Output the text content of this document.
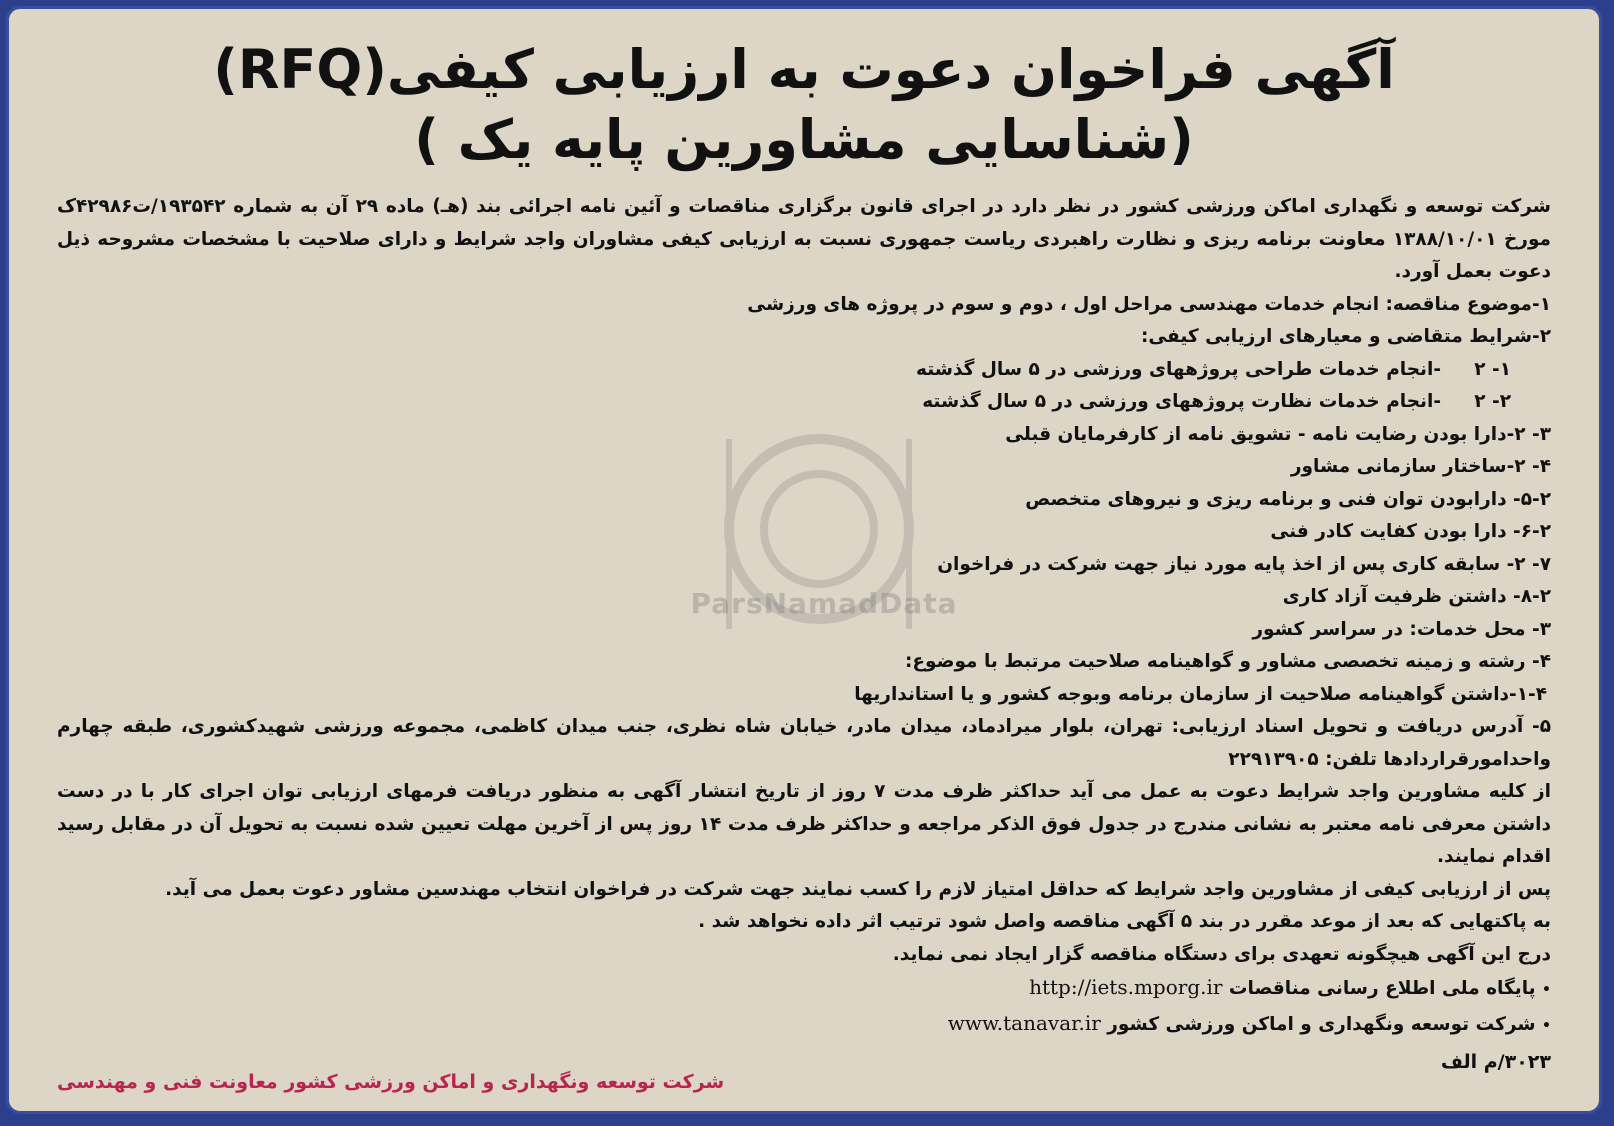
ParsNamadData
آگهی فراخوان دعوت به ارزیابی کیفی(RFQ)
(شناسایی مشاورین پایه یک )

شرکت توسعه و نگهداری اماکن ورزشی کشور در نظر دارد در اجرای قانون برگزاری مناقصات و آئین نامه اجرائی بند (هـ) ماده ۲۹ آن به شماره ۱۹۳۵۴۲/ت۴۲۹۸۶ک مورخ ۱۳۸۸/۱۰/۰۱ معاونت برنامه ریزی و نظارت راهبردی ریاست جمهوری نسبت به ارزیابی کیفی مشاوران واجد شرایط و دارای صلاحیت با مشخصات مشروحه ذیل دعوت بعمل آورد.

۱-موضوع مناقصه: انجام خدمات مهندسی مراحل اول ، دوم و سوم در پروژه های ورزشی

۲-شرایط متقاضی و معیارهای ارزیابی کیفی:

۱- ۲-انجام خدمات طراحی پروژههای ورزشی در ۵ سال گذشته

۲- ۲-انجام خدمات نظارت پروژههای ورزشی در ۵ سال گذشته

۳- ۲-دارا بودن رضایت نامه - تشویق نامه از کارفرمایان قبلی

۴- ۲-ساختار سازمانی مشاور

۵-۲- دارابودن توان فنی و برنامه ریزی و نیروهای متخصص

۶-۲- دارا بودن کفایت کادر فنی

۷- ۲- سابقه کاری پس از اخذ پایه مورد نیاز جهت شرکت در فراخوان

۸-۲- داشتن ظرفیت آزاد کاری

۳- محل خدمات: در سراسر کشور

۴- رشته و زمینه تخصصی مشاور و گواهینامه صلاحیت مرتبط با موضوع:

۱-۴-داشتن گواهینامه صلاحیت از سازمان برنامه وبوجه کشور و یا استانداریها

۵- آدرس دریافت و تحویل اسناد ارزیابی: تهران، بلوار میرادماد، میدان مادر، خیابان شاه نظری، جنب میدان کاظمی، مجموعه ورزشی شهیدکشوری، طبقه چهارم واحدامورقراردادها تلفن: ۲۲۹۱۳۹۰۵

از کلیه مشاورین واجد شرایط دعوت به عمل می آید حداکثر ظرف مدت ۷ روز از تاریخ انتشار آگهی به منظور دریافت فرمهای ارزیابی توان اجرای کار با در دست داشتن معرفی نامه معتبر به نشانی مندرج در جدول فوق الذکر مراجعه و حداکثر ظرف مدت ۱۴ روز پس از آخرین مهلت تعیین شده نسبت به تحویل آن در مقابل رسید اقدام نمایند.

پس از ارزیابی کیفی از مشاورین واجد شرایط که حداقل امتیاز لازم را کسب نمایند جهت شرکت در فراخوان انتخاب مهندسین مشاور دعوت بعمل می آید.

به پاکتهایی که بعد از موعد مقرر در بند ۵ آگهی مناقصه واصل شود ترتیب اثر داده نخواهد شد .

درج این آگهی هیچگونه تعهدی برای دستگاه مناقصه گزار ایجاد نمی نماید.

• پایگاه ملی اطلاع رسانی مناقصات http://iets.mporg.ir

• شرکت توسعه ونگهداری و اماکن ورزشی کشور www.tanavar.ir

۳۰۲۳/م الف
شرکت توسعه ونگهداری و اماکن ورزشی کشور معاونت فنی و مهندسی
